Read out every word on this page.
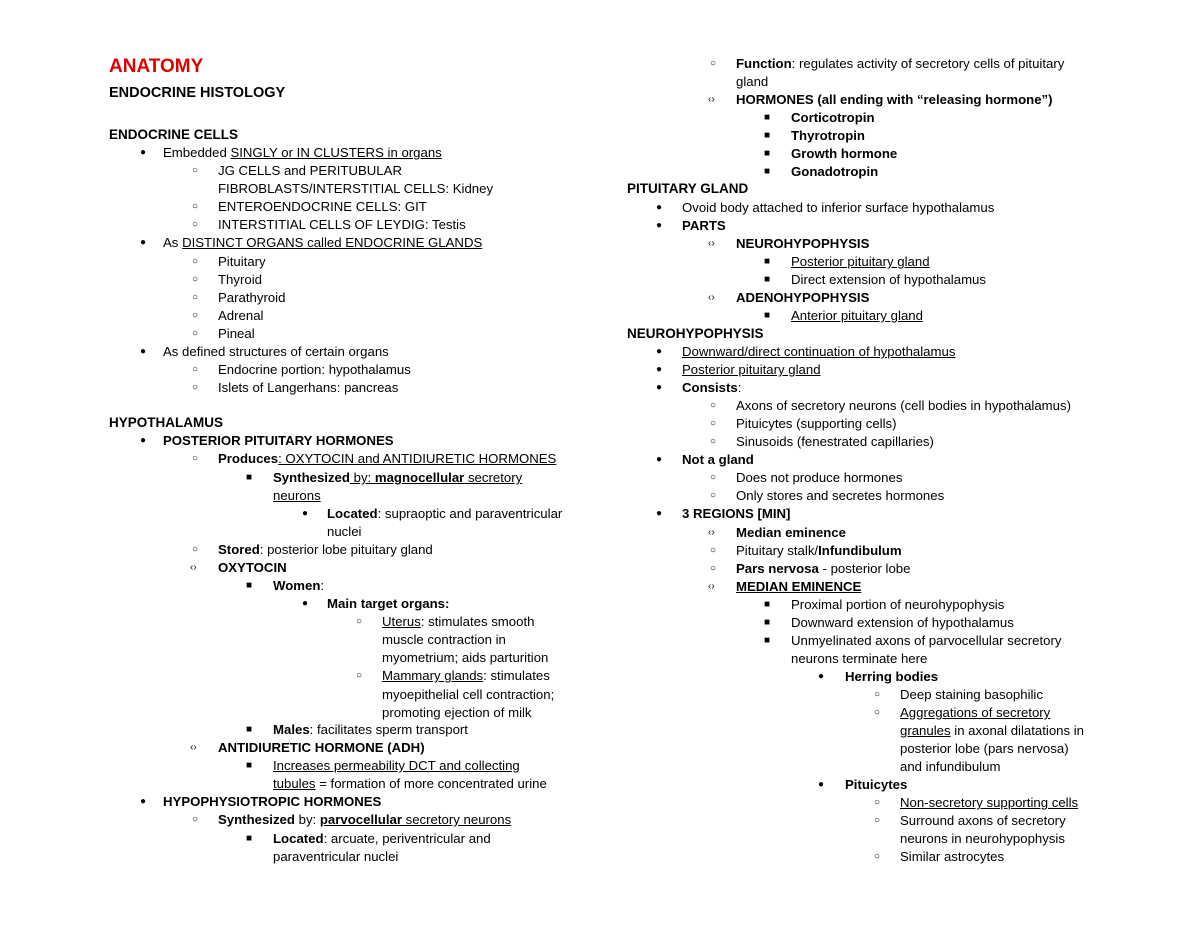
ANATOMY
ENDOCRINE HISTOLOGY
ENDOCRINE CELLS
● Embedded SINGLY or IN CLUSTERS in organs
○ JG CELLS and PERITUBULAR
FIBROBLASTS/INTERSTITIAL CELLS: Kidney
○ ENTEROENDOCRINE CELLS: GIT
○ INTERSTITIAL CELLS OF LEYDIG: Testis
● As DISTINCT ORGANS called ENDOCRINE GLANDS
○ Pituitary
○ Thyroid
○ Parathyroid
○ Adrenal
○ Pineal
● As defined structures of certain organs
○ Endocrine portion: hypothalamus
○ Islets of Langerhans: pancreas
HYPOTHALAMUS
● POSTERIOR PITUITARY HORMONES
○ Produces: OXYTOCIN and ANTIDIURETIC HORMONES
■ Synthesized by: magnocellular secretory
neurons
● Located: supraoptic and paraventricular
nuclei
○ Stored: posterior lobe pituitary gland
‹› OXYTOCIN
■ Women:
● Main target organs:
○ Uterus: stimulates smooth
muscle contraction in
myometrium; aids parturition
○ Mammary glands: stimulates
myoepithelial cell contraction;
promoting ejection of milk
■ Males: facilitates sperm transport
‹› ANTIDIURETIC HORMONE (ADH)
■ Increases permeability DCT and collecting
tubules = formation of more concentrated urine
● HYPOPHYSIOTROPIC HORMONES
○ Synthesized by: parvocellular secretory neurons
■ Located: arcuate, periventricular and
paraventricular nuclei
○ Function: regulates activity of secretory cells of pituitary
gland
‹› HORMONES (all ending with “releasing hormone”)
■ Corticotropin
■ Thyrotropin
■ Growth hormone
■ Gonadotropin
PITUITARY GLAND
● Ovoid body attached to inferior surface hypothalamus
● PARTS
‹› NEUROHYPOPHYSIS
■ Posterior pituitary gland
■ Direct extension of hypothalamus
‹› ADENOHYPOPHYSIS
■ Anterior pituitary gland
NEUROHYPOPHYSIS
● Downward/direct continuation of hypothalamus
● Posterior pituitary gland
● Consists:
○ Axons of secretory neurons (cell bodies in hypothalamus)
○ Pituicytes (supporting cells)
○ Sinusoids (fenestrated capillaries)
● Not a gland
○ Does not produce hormones
○ Only stores and secretes hormones
● 3 REGIONS [MIN]
‹› Median eminence
○ Pituitary stalk/Infundibulum
○ Pars nervosa - posterior lobe
‹› MEDIAN EMINENCE
■ Proximal portion of neurohypophysis
■ Downward extension of hypothalamus
■ Unmyelinated axons of parvocellular secretory
neurons terminate here
● Herring bodies
○ Deep staining basophilic
○ Aggregations of secretory
granules in axonal dilatations in
posterior lobe (pars nervosa)
and infundibulum
● Pituicytes
○ Non-secretory supporting cells
○ Surround axons of secretory
neurons in neurohypophysis
○ Similar astrocytes
